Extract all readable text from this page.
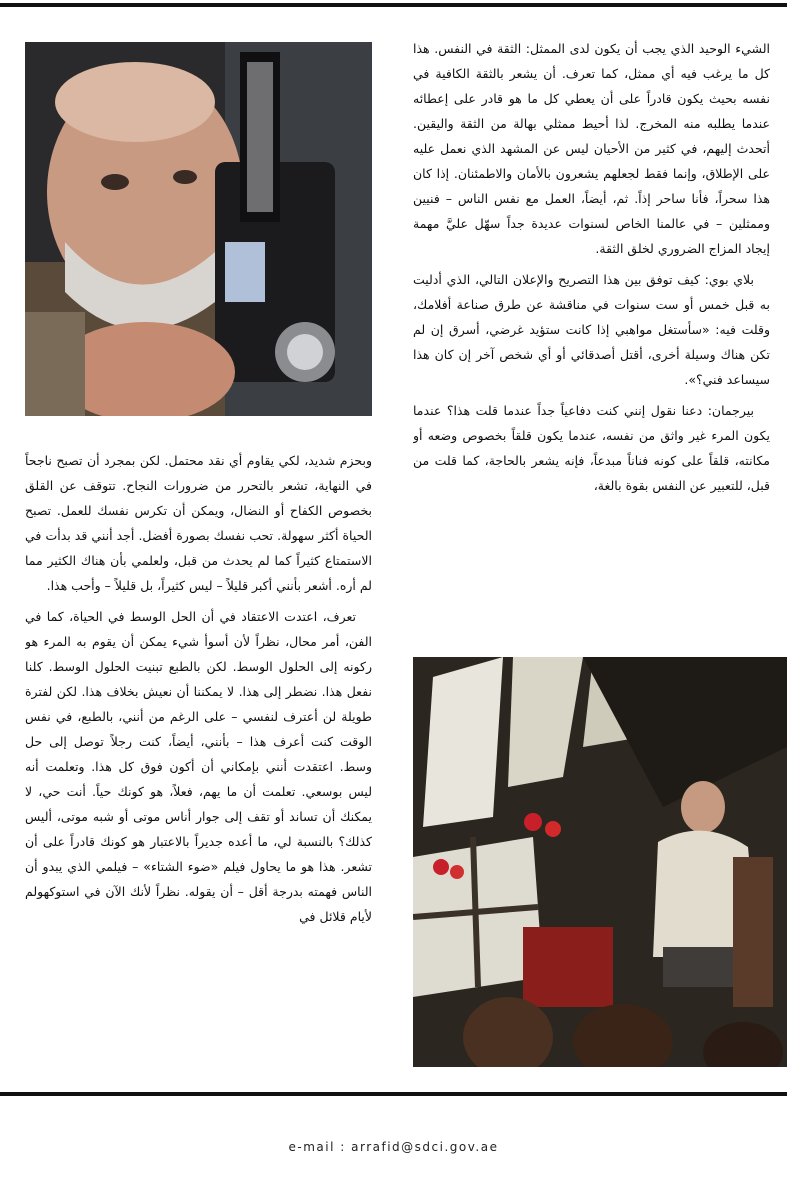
الشيء الوحيد الذي يجب أن يكون لدى الممثل: الثقة في النفس. هذا كل ما يرغب فيه أي ممثل، كما تعرف. أن يشعر بالثقة الكافية في نفسه بحيث يكون قادراً على أن يعطي كل ما هو قادر على إعطائه عندما يطلبه منه المخرج. لذا أحيط ممثلي بهالة من الثقة واليقين. أتحدث إليهم، في كثير من الأحيان ليس عن المشهد الذي نعمل عليه على الإطلاق، وإنما فقط لجعلهم يشعرون بالأمان والاطمئنان. إذا كان هذا سحراً، فأنا ساحر إذاً. ثم، أيضاً، العمل مع نفس الناس – فنيين وممثلين – في عالمنا الخاص لسنوات عديدة جداً سهّل عليَّ مهمة إيجاد المزاج الضروري لخلق الثقة.

بلاي بوي: كيف توفق بين هذا التصريح والإعلان التالي، الذي أدليت به قبل خمس أو ست سنوات في مناقشة عن طرق صناعة أفلامك، وقلت فيه: «سأستغل مواهبي إذا كانت ستؤيد غرضي، أسرق إن لم تكن هناك وسيلة أخرى، أقتل أصدقائي أو أي شخص آخر إن كان هذا سيساعد فني؟».

بيرجمان: دعنا نقول إنني كنت دفاعياً جداً عندما قلت هذا؟ عندما يكون المرء غير واثق من نفسه، عندما يكون قلقاً بخصوص وضعه أو مكانته، قلقاً على كونه فناناً مبدعاً، فإنه يشعر بالحاجة، كما قلت من قبل، للتعبير عن النفس بقوة بالغة،

وبحزم شديد، لكي يقاوم أي نقد محتمل. لكن بمجرد أن تصبح ناجحاً في النهاية، تشعر بالتحرر من ضرورات النجاح. تتوقف عن القلق بخصوص الكفاح أو النضال، ويمكن أن تكرس نفسك للعمل. تصبح الحياة أكثر سهولة. تحب نفسك بصورة أفضل. أجد أنني قد بدأت في الاستمتاع كثيراً كما لم يحدث من قبل، ولعلمي بأن هناك الكثير مما لم أره. أشعر بأنني أكبر قليلاً – ليس كثيراً، بل قليلاً – وأحب هذا.

تعرف، اعتدت الاعتقاد في أن الحل الوسط في الحياة، كما في الفن، أمر محال، نظراً لأن أسوأ شيء يمكن أن يقوم به المرء هو ركونه إلى الحلول الوسط. لكن بالطبع تبنيت الحلول الوسط. كلنا نفعل هذا. نضطر إلى هذا. لا يمكننا أن نعيش بخلاف هذا. لكن لفترة طويلة لن أعترف لنفسي – على الرغم من أنني، بالطبع، في نفس الوقت كنت أعرف هذا – بأنني، أيضاً، كنت رجلاً توصل إلى حل وسط. اعتقدت أنني بإمكاني أن أكون فوق كل هذا. وتعلمت أنه ليس بوسعي. تعلمت أن ما يهم، فعلاً، هو كونك حياً. أنت حي، لا يمكنك أن تساند أو تقف إلى جوار أناس موتى أو شبه موتى، أليس كذلك؟ بالنسبة لي، ما أعده جديراً بالاعتبار هو كونك قادراً على أن تشعر. هذا هو ما يحاول فيلم «ضوء الشتاء» – فيلمي الذي يبدو أن الناس فهمته بدرجة أقل – أن يقوله. نظراً لأنك الآن في استوكهولم لأيام قلائل في

e-mail : arrafid@sdci.gov.ae
